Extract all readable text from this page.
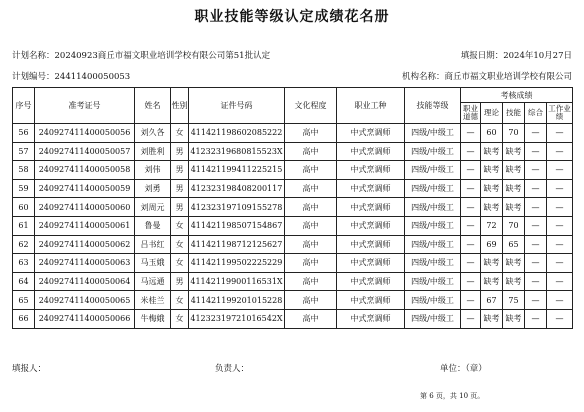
职业技能等级认定成绩花名册
计划名称：20240923商丘市福文职业培训学校有限公司第51批认定	填报日期：2024年10月27日
计划编号：24411400050053	机构名称：商丘市福文职业培训学校有限公司
序号	准考证号	姓名	性别	证件号码	文化程度	职业工种	技能等级	考核成绩				
								职业道德	理论	技能	综合	工作业绩
56	240927411400050056	刘久各	女	411421198602085222	高中	中式烹调师	四级/中级工	—	60	70	—	—
57	240927411400050057	刘胜利	男	41232319680815523X	高中	中式烹调师	四级/中级工	—	缺考	缺考	—	—
58	240927411400050058	刘伟	男	411421199411225215	高中	中式烹调师	四级/中级工	—	缺考	缺考	—	—
59	240927411400050059	刘勇	男	412323198408200117	高中	中式烹调师	四级/中级工	—	缺考	缺考	—	—
60	240927411400050060	刘周元	男	412323197109155278	高中	中式烹调师	四级/中级工	—	缺考	缺考	—	—
61	240927411400050061	鲁曼	女	411421198507154867	高中	中式烹调师	四级/中级工	—	72	70	—	—
62	240927411400050062	吕书红	女	411421198712125627	高中	中式烹调师	四级/中级工	—	69	65	—	—
63	240927411400050063	马玉娥	女	411421199502225229	高中	中式烹调师	四级/中级工	—	缺考	缺考	—	—
64	240927411400050064	马远通	男	41142119900116531X	高中	中式烹调师	四级/中级工	—	缺考	缺考	—	—
65	240927411400050065	米桂兰	女	411421199201015228	高中	中式烹调师	四级/中级工	—	67	75	—	—
66	240927411400050066	牛梅娥	女	41232319721016542X	高中	中式烹调师	四级/中级工	—	缺考	缺考	—	—
填报人：	负责人：	单位：（章）
第 6 页，共 10 页。
